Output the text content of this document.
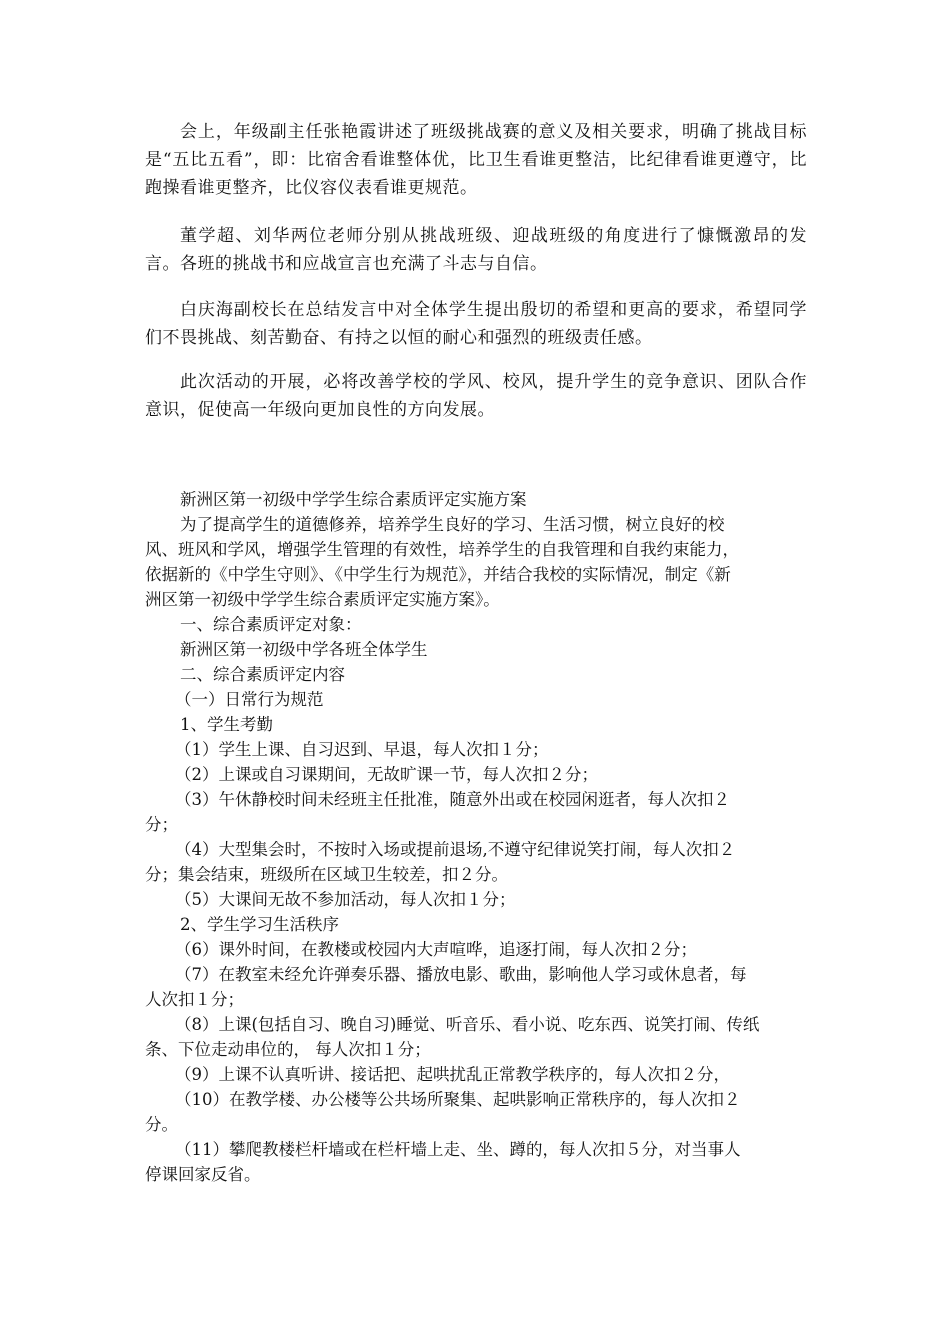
会上，年级副主任张艳霞讲述了班级挑战赛的意义及相关要求，明确了挑战目标是“五比五看”，即：比宿舍看谁整体优，比卫生看谁更整洁，比纪律看谁更遵守，比跑操看谁更整齐，比仪容仪表看谁更规范。

董学超、刘华两位老师分别从挑战班级、迎战班级的角度进行了慷慨激昂的发言。各班的挑战书和应战宣言也充满了斗志与自信。

白庆海副校长在总结发言中对全体学生提出殷切的希望和更高的要求，希望同学们不畏挑战、刻苦勤奋、有持之以恒的耐心和强烈的班级责任感。

此次活动的开展，必将改善学校的学风、校风，提升学生的竞争意识、团队合作意识，促使高一年级向更加良性的方向发展。

新洲区第一初级中学学生综合素质评定实施方案

为了提高学生的道德修养，培养学生良好的学习、生活习惯，树立良好的校

风、班风和学风，增强学生管理的有效性，培养学生的自我管理和自我约束能力，

依据新的《中学生守则》、《中学生行为规范》，并结合我校的实际情况，制定《新

洲区第一初级中学学生综合素质评定实施方案》。

一、综合素质评定对象：

新洲区第一初级中学各班全体学生

二、综合素质评定内容

（一）日常行为规范

1、学生考勤

（1）学生上课、自习迟到、早退，每人次扣１分；

（2）上课或自习课期间，无故旷课一节，每人次扣２分；

（3）午休静校时间未经班主任批准，随意外出或在校园闲逛者，每人次扣２

分；

（4）大型集会时，不按时入场或提前退场,不遵守纪律说笑打闹，每人次扣２

分；集会结束，班级所在区域卫生较差，扣２分。

（5）大课间无故不参加活动，每人次扣１分；

2、学生学习生活秩序

（6）课外时间，在教楼或校园内大声喧哗，追逐打闹，每人次扣２分；

（7）在教室未经允许弹奏乐器、播放电影、歌曲，影响他人学习或休息者，每

人次扣１分；

（8）上课(包括自习、晚自习)睡觉、听音乐、看小说、吃东西、说笑打闹、传纸

条、下位走动串位的， 每人次扣１分；

（9）上课不认真听讲、接话把、起哄扰乱正常教学秩序的，每人次扣２分，

（10）在教学楼、办公楼等公共场所聚集、起哄影响正常秩序的，每人次扣２

分。

（11）攀爬教楼栏杆墙或在栏杆墙上走、坐、蹲的，每人次扣５分，对当事人

停课回家反省。
